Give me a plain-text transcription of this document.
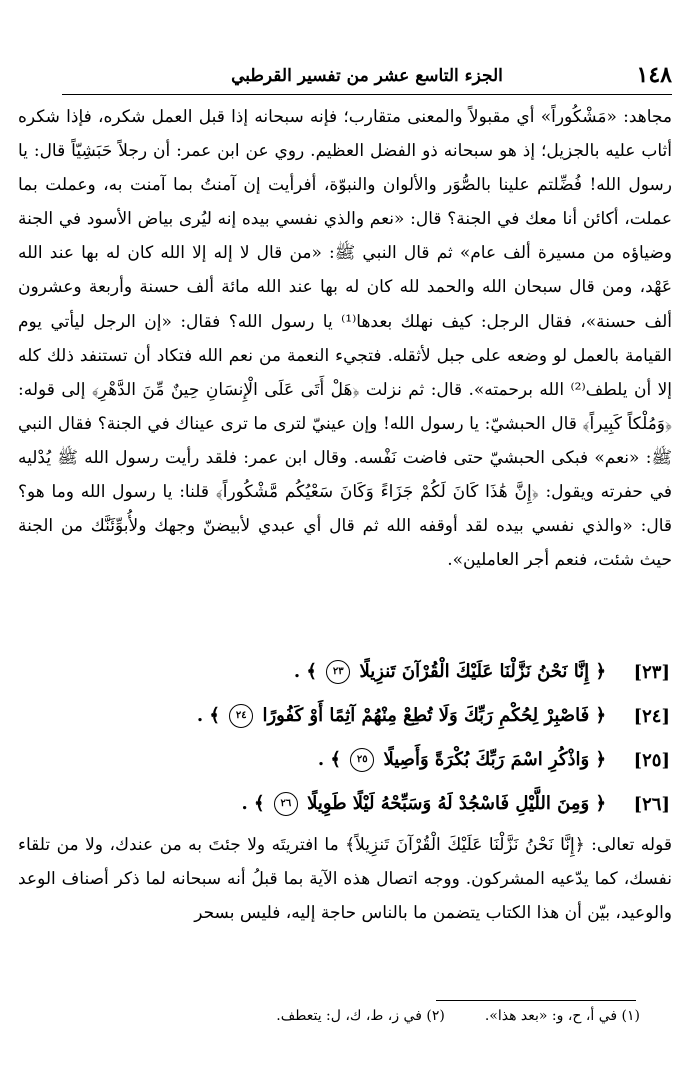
١٤٨
الجزء التاسع عشر من تفسير القرطبي

مجاهد: «مَشْكُوراً» أي مقبولاً والمعنى متقارب؛ فإنه سبحانه إذا قبل العمل شكره، فإذا شكره أثاب عليه بالجزيل؛ إذ هو سبحانه ذو الفضل العظيم. روي عن ابن عمر: أن رجلاً حَبَشِيّاً قال: يا رسول الله! فُضِّلتم علينا بالصُّوَر والألوان والنبوّة، أفرأيت إن آمنتُ بما آمنت به، وعملت بما عملت، أكائن أنا معك في الجنة؟ قال: «نعم والذي نفسي بيده إنه ليُرى بياض الأسود في الجنة وضياؤه من مسيرة ألف عام» ثم قال النبي ﷺ: «من قال لا إله إلا الله كان له بها عند الله عَهْد، ومن قال سبحان الله والحمد لله كان له بها عند الله مائة ألف حسنة وأربعة وعشرون ألف حسنة»، فقال الرجل: كيف نهلك بعدها⁽¹⁾ يا رسول الله؟ فقال: «إن الرجل ليأتي يوم القيامة بالعمل لو وضعه على جبل لأثقله. فتجيء النعمة من نعم الله فتكاد أن تستنفد ذلك كله إلا أن يلطف⁽²⁾ الله برحمته». قال: ثم نزلت ﴿هَلْ أَتَى عَلَى الْإِنسَانِ حِينٌ مِّنَ الدَّهْرِ﴾ إلى قوله: ﴿وَمُلْكاً كَبِيراً﴾ قال الحبشيّ: يا رسول الله! وإن عينيّ لترى ما ترى عيناك في الجنة؟ فقال النبي ﷺ: «نعم» فبكى الحبشيّ حتى فاضت نَفْسه. وقال ابن عمر: فلقد رأيت رسول الله ﷺ يُدْليه في حفرته ويقول: ﴿إِنَّ هَٰذَا كَانَ لَكُمْ جَزَاءً وَكَانَ سَعْيُكُم مَّشْكُوراً﴾ قلنا: يا رسول الله وما هو؟ قال: «والذي نفسي بيده لقد أوقفه الله ثم قال أي عبدي لأبيضنّ وجهك ولأُبوِّئَنَّك من الجنة حيث شئت، فنعم أجر العاملين».

[٢٣]
﴿ إِنَّا نَحْنُ نَزَّلْنَا عَلَيْكَ الْقُرْآنَ تَنزِيلًا ٢٣ ﴾ .
[٢٤]
﴿ فَاصْبِرْ لِحُكْمِ رَبِّكَ وَلَا تُطِعْ مِنْهُمْ آثِمًا أَوْ كَفُورًا ٢٤ ﴾ .
[٢٥]
﴿ وَاذْكُرِ اسْمَ رَبِّكَ بُكْرَةً وَأَصِيلًا ٢٥ ﴾ .
[٢٦]
﴿ وَمِنَ اللَّيْلِ فَاسْجُدْ لَهُ وَسَبِّحْهُ لَيْلًا طَوِيلًا ٢٦ ﴾ .

قوله تعالى: ﴿إِنَّا نَحْنُ نَزَّلْنَا عَلَيْكَ الْقُرْآنَ تَنزِيلاً﴾ ما افتريتَه ولا جئتَ به من عندك، ولا من تلقاء نفسك، كما يدّعيه المشركون. ووجه اتصال هذه الآية بما قبلُ أنه سبحانه لما ذكر أصناف الوعد والوعيد، بيّن أن هذا الكتاب يتضمن ما بالناس حاجة إليه، فليس بسحر

(١) في أ، ح، و: «بعد هذا».
(٢) في ز، ط، ك، ل: يتعطف.
